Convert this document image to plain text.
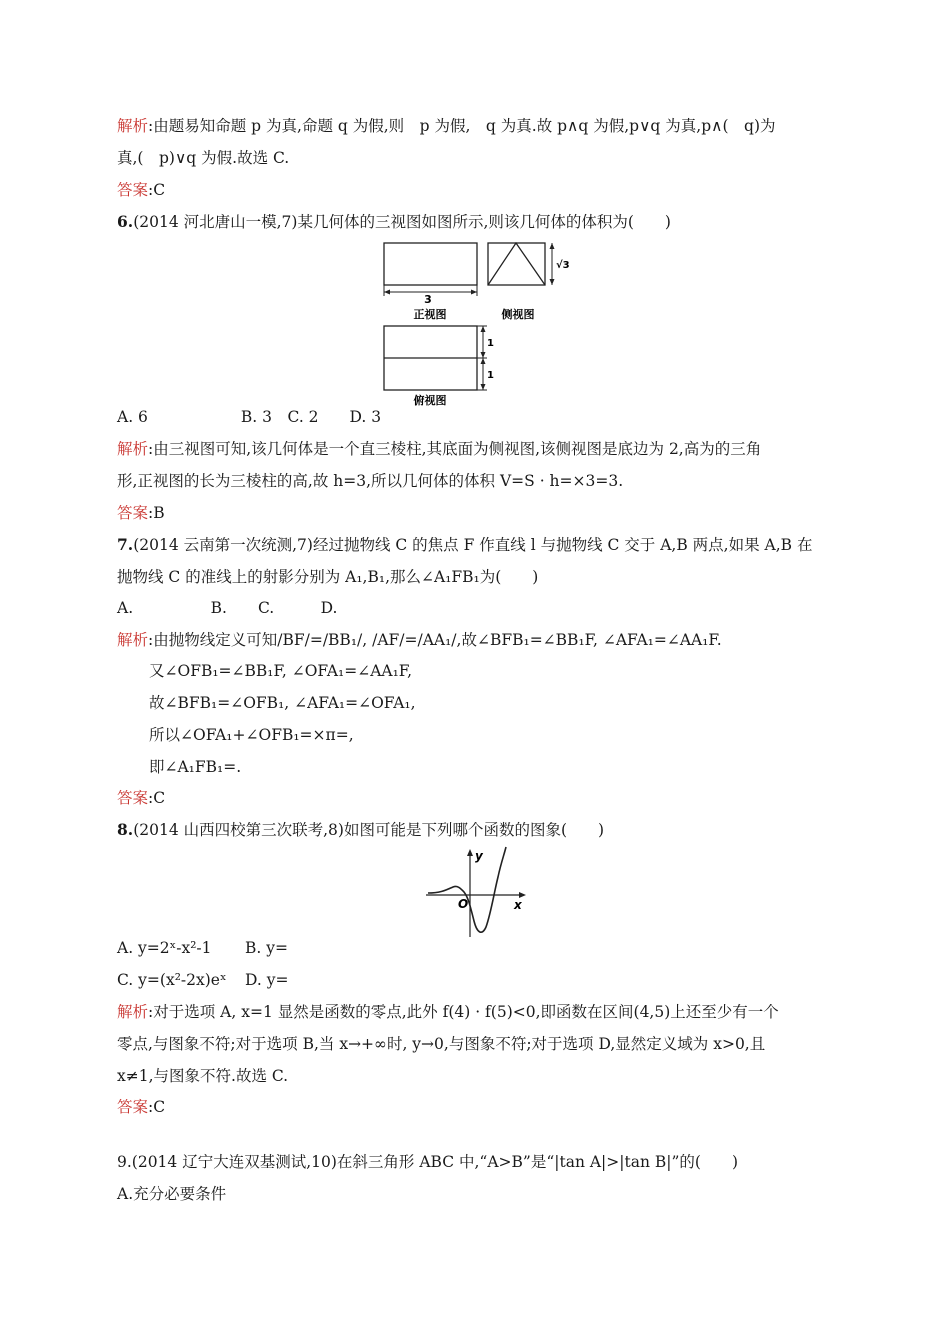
解析:由题易知命题 p 为真,命题 q 为假,则　p 为假,　q 为真.故 p∧q 为假,p∨q 为真,p∧(　q)为
真,(　p)∨q 为假.故选 C.
答案:C
6.(2014 河北唐山一模,7)某几何体的三视图如图所示,则该几何体的体积为(　　)
3
正视图
√3
侧视图
1
1
俯视图
A. 6　　　　　　B. 3　C. 2　　D. 3
解析:由三视图可知,该几何体是一个直三棱柱,其底面为侧视图,该侧视图是底边为 2,高为的三角
形,正视图的长为三棱柱的高,故 h=3,所以几何体的体积 V=S · h=×3=3.
答案:B
7.(2014 云南第一次统测,7)经过抛物线 C 的焦点 F 作直线 l 与抛物线 C 交于 A,B 两点,如果 A,B 在
抛物线 C 的准线上的射影分别为 A₁,B₁,那么∠A₁FB₁为(　　)
A.　　　　　B.　　C.　　　D.
解析:由抛物线定义可知/BF/=/BB₁/, /AF/=/AA₁/,故∠BFB₁=∠BB₁F, ∠AFA₁=∠AA₁F.
又∠OFB₁=∠BB₁F, ∠OFA₁=∠AA₁F,
故∠BFB₁=∠OFB₁, ∠AFA₁=∠OFA₁,
所以∠OFA₁+∠OFB₁=×π=,
即∠A₁FB₁=.
答案:C
8.(2014 山西四校第三次联考,8)如图可能是下列哪个函数的图象(　　)
y
x
O
A. y=2ˣ-x²-1 B. y=
C. y=(x²-2x)eˣ D. y=
解析:对于选项 A, x=1 显然是函数的零点,此外 f(4) · f(5)<0,即函数在区间(4,5)上还至少有一个
零点,与图象不符;对于选项 B,当 x→+∞时, y→0,与图象不符;对于选项 D,显然定义域为 x>0,且
x≠1,与图象不符.故选 C.
答案:C
9.(2014 辽宁大连双基测试,10)在斜三角形 ABC 中,“A>B”是“|tan A|>|tan B|”的(　　)
A.充分必要条件
